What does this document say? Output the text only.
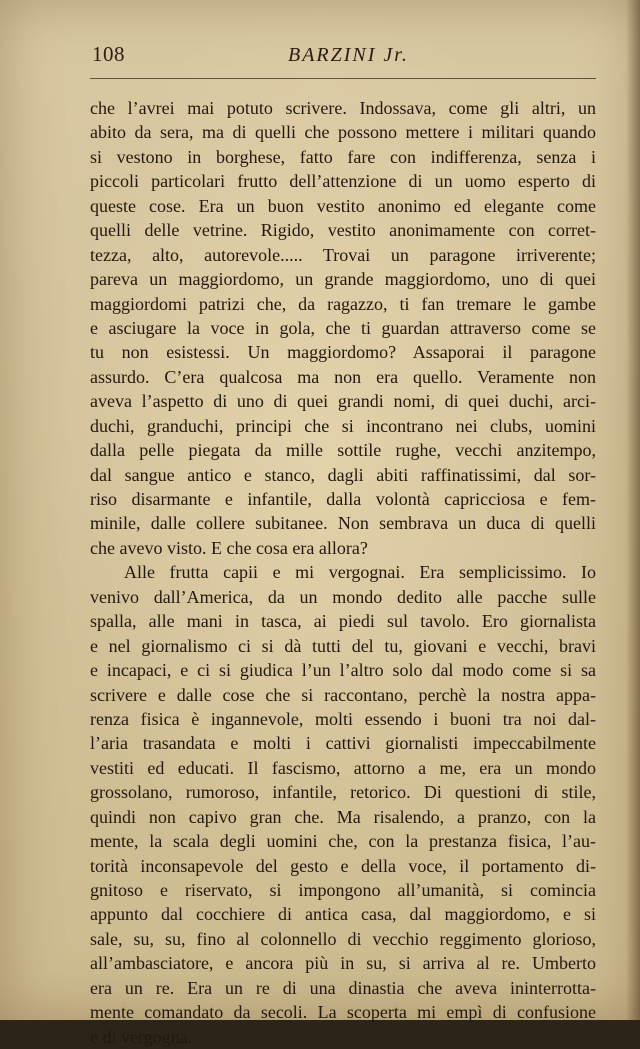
108	BARZINI Jr.
che l’avrei mai potuto scrivere. Indossava, come gli altri, un
abito da sera, ma di quelli che possono mettere i militari quando
si vestono in borghese, fatto fare con indifferenza, senza i
piccoli particolari frutto dell’attenzione di un uomo esperto di
queste cose. Era un buon vestito anonimo ed elegante come
quelli delle vetrine. Rigido, vestito anonimamente con corret-
tezza, alto, autorevole..... Trovai un paragone irriverente;
pareva un maggiordomo, un grande maggiordomo, uno di quei
maggiordomi patrizi che, da ragazzo, ti fan tremare le gambe
e asciugare la voce in gola, che ti guardan attraverso come se
tu non esistessi. Un maggiordomo? Assaporai il paragone
assurdo. C’era qualcosa ma non era quello. Veramente non
aveva l’aspetto di uno di quei grandi nomi, di quei duchi, arci-
duchi, granduchi, principi che si incontrano nei clubs, uomini
dalla pelle piegata da mille sottile rughe, vecchi anzitempo,
dal sangue antico e stanco, dagli abiti raffinatissimi, dal sor-
riso disarmante e infantile, dalla volontà capricciosa e fem-
minile, dalle collere subitanee. Non sembrava un duca di quelli
che avevo visto. E che cosa era allora?
Alle frutta capii e mi vergognai. Era semplicissimo. Io
venivo dall’America, da un mondo dedito alle pacche sulle
spalla, alle mani in tasca, ai piedi sul tavolo. Ero giornalista
e nel giornalismo ci si dà tutti del tu, giovani e vecchi, bravi
e incapaci, e ci si giudica l’un l’altro solo dal modo come si sa
scrivere e dalle cose che si raccontano, perchè la nostra appa-
renza fisica è ingannevole, molti essendo i buoni tra noi dal-
l’aria trasandata e molti i cattivi giornalisti impeccabilmente
vestiti ed educati. Il fascismo, attorno a me, era un mondo
grossolano, rumoroso, infantile, retorico. Di questioni di stile,
quindi non capivo gran che. Ma risalendo, a pranzo, con la
mente, la scala degli uomini che, con la prestanza fisica, l’au-
torità inconsapevole del gesto e della voce, il portamento di-
gnitoso e riservato, si impongono all’umanità, si comincia
appunto dal cocchiere di antica casa, dal maggiordomo, e si
sale, su, su, fino al colonnello di vecchio reggimento glorioso,
all’ambasciatore, e ancora più in su, si arriva al re. Umberto
era un re. Era un re di una dinastia che aveva ininterrotta-
mente comandato da secoli. La scoperta mi empì di confusione
e di vergogna.
